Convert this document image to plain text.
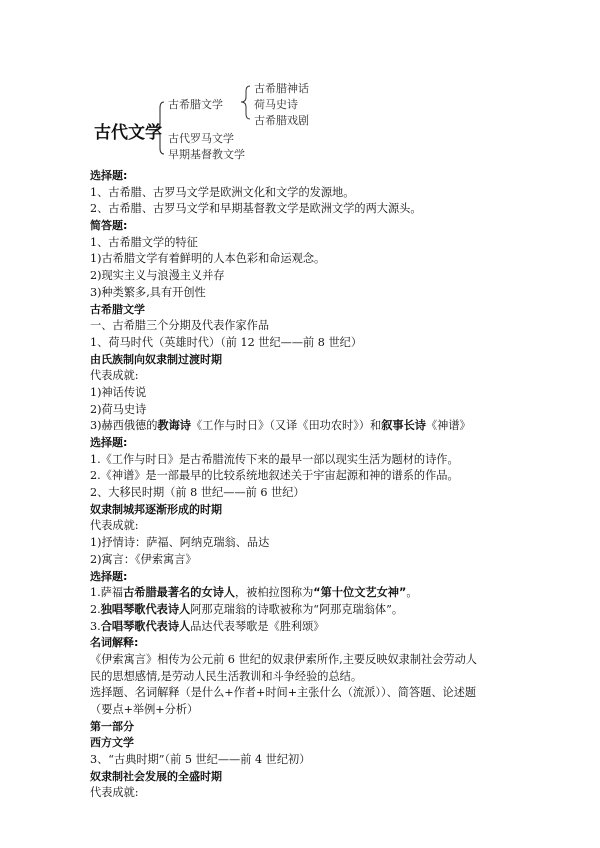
古代文学
古希腊文学
古希腊神话
荷马史诗
古希腊戏剧
古代罗马文学
早期基督教文学
选择题:
1、古希腊、古罗马文学是欧洲文化和文学的发源地。
2、古希腊、古罗马文学和早期基督教文学是欧洲文学的两大源头。
简答题:
1、古希腊文学的特征
1)古希腊文学有着鲜明的人本色彩和命运观念。
2)现实主义与浪漫主义并存
3)种类繁多,具有开创性
古希腊文学
一、古希腊三个分期及代表作家作品
1、荷马时代（英雄时代）（前 12 世纪——前 8 世纪）
由氏族制向奴隶制过渡时期
代表成就:
1)神话传说
2)荷马史诗
3)赫西俄德的教诲诗《工作与时日》（又译《田功农时》）和叙事长诗《神谱》
选择题:
1.《工作与时日》是古希腊流传下来的最早一部以现实生活为题材的诗作。
2.《神谱》是一部最早的比较系统地叙述关于宇宙起源和神的谱系的作品。
2、大移民时期（前 8 世纪——前 6 世纪）
奴隶制城邦逐渐形成的时期
代表成就:
1)抒情诗：萨福、阿纳克瑞翁、品达
2)寓言：《伊索寓言》
选择题:
1.萨福古希腊最著名的女诗人，被柏拉图称为“第十位文艺女神”。
2.独唱琴歌代表诗人阿那克瑞翁的诗歌被称为“阿那克瑞翁体”。
3.合唱琴歌代表诗人品达代表琴歌是《胜利颂》
名词解释:
《伊索寓言》相传为公元前 6 世纪的奴隶伊索所作,主要反映奴隶制社会劳动人
民的思想感情,是劳动人民生活教训和斗争经验的总结。
选择题、名词解释（是什么+作者+时间+主张什么（流派））、简答题、论述题
（要点+举例+分析）
第一部分
西方文学
3、“古典时期”（前 5 世纪——前 4 世纪初）
奴隶制社会发展的全盛时期
代表成就:
